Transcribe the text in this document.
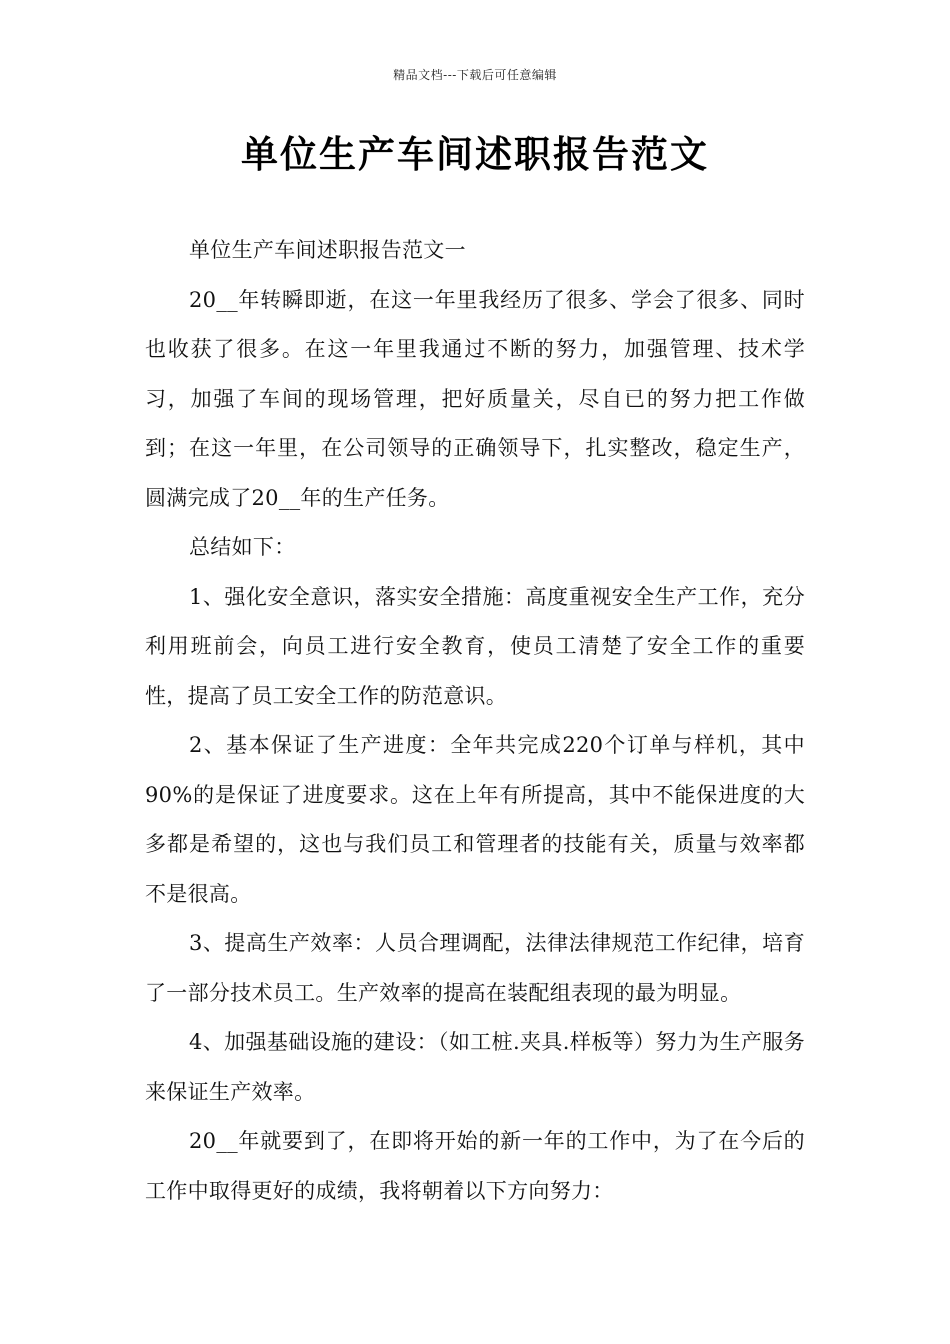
精品文档---下载后可任意编辑
单位生产车间述职报告范文

单位生产车间述职报告范文一

20__年转瞬即逝，在这一年里我经历了很多、学会了很多、同时也收获了很多。在这一年里我通过不断的努力，加强管理、技术学习，加强了车间的现场管理，把好质量关，尽自已的努力把工作做到；在这一年里，在公司领导的正确领导下，扎实整改，稳定生产，圆满完成了20__年的生产任务。

总结如下：

1、强化安全意识，落实安全措施：高度重视安全生产工作，充分利用班前会，向员工进行安全教育，使员工清楚了安全工作的重要性，提高了员工安全工作的防范意识。

2、基本保证了生产进度：全年共完成220个订单与样机，其中90%的是保证了进度要求。这在上年有所提高，其中不能保进度的大多都是希望的，这也与我们员工和管理者的技能有关，质量与效率都不是很高。

3、提高生产效率：人员合理调配，法律法律规范工作纪律，培育了一部分技术员工。生产效率的提高在装配组表现的最为明显。

4、加强基础设施的建设：（如工桩.夹具.样板等）努力为生产服务来保证生产效率。

20__年就要到了，在即将开始的新一年的工作中，为了在今后的工作中取得更好的成绩，我将朝着以下方向努力：
